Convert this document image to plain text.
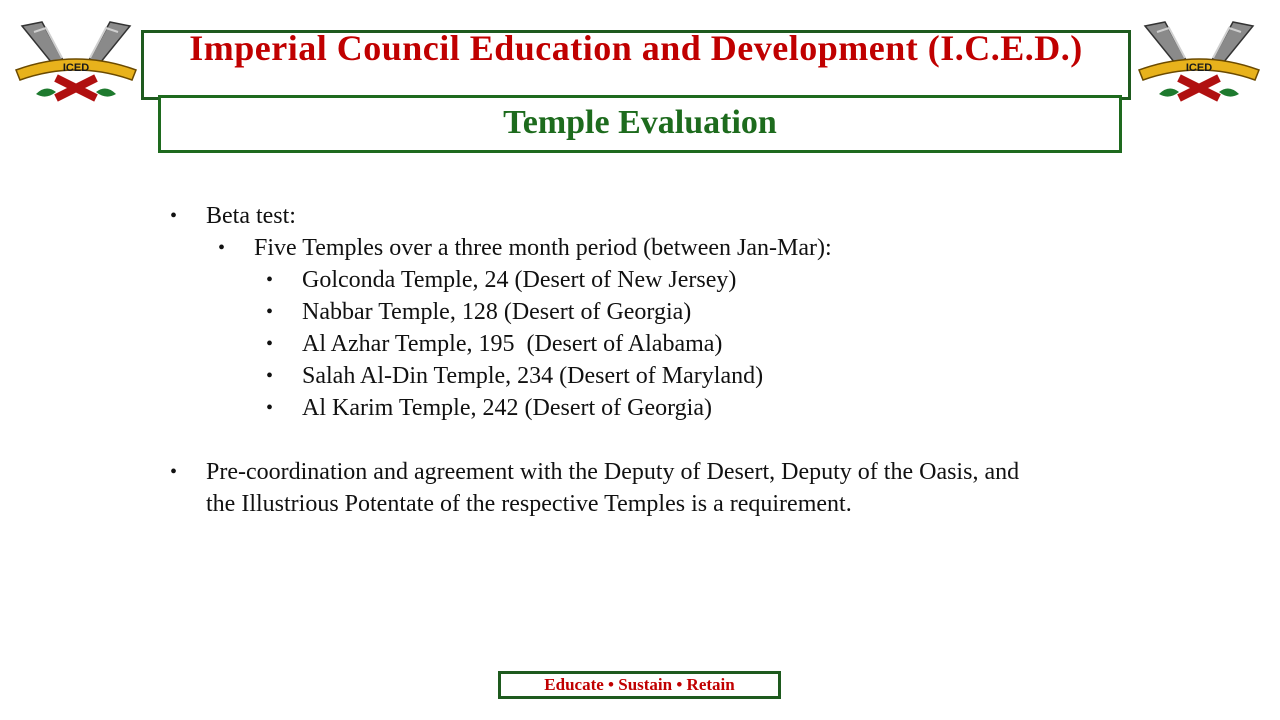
ICED	ICED
Imperial Council Education and Development (I.C.E.D.)
Temple Evaluation
• Beta test:
• Five Temples over a three month period (between Jan-Mar):
• Golconda Temple, 24 (Desert of New Jersey)
• Nabbar Temple, 128 (Desert of Georgia)
• Al Azhar Temple, 195  (Desert of Alabama)
• Salah Al-Din Temple, 234 (Desert of Maryland)
• Al Karim Temple, 242 (Desert of Georgia)
• Pre-coordination and agreement with the Deputy of Desert, Deputy of the Oasis, and
the Illustrious Potentate of the respective Temples is a requirement.
Educate • Sustain • Retain
